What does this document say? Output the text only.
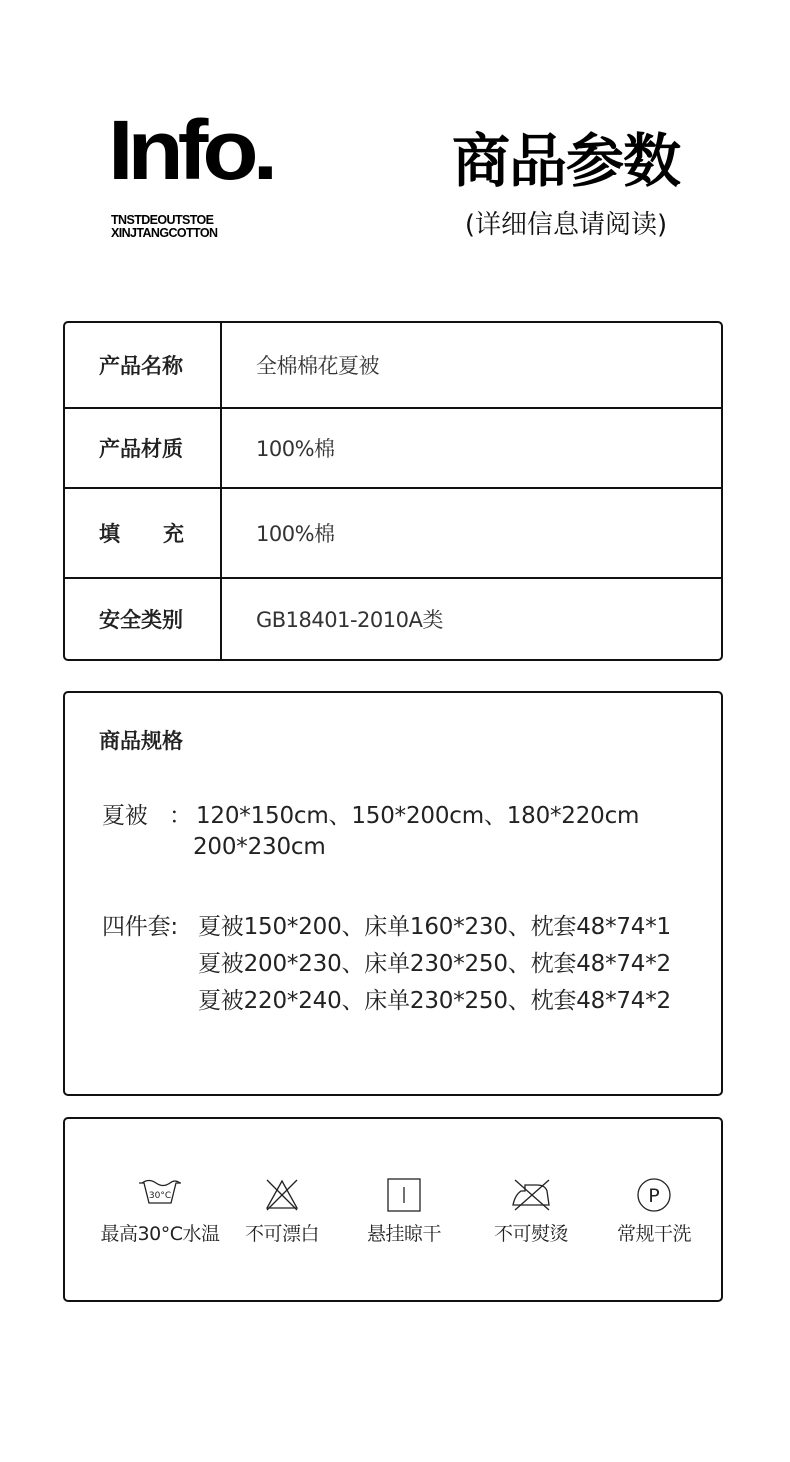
Info.
TNSTDEOUTSTOE
XINJTANGCOTTON
商品参数
(详细信息请阅读)
产品名称	全棉棉花夏被
产品材质	100%棉
填 充	100%棉
安全类别	GB18401-2010A类
商品规格
夏被 ： 120*150cm、150*200cm、180*220cm
200*230cm
四件套: 夏被150*200、床单160*230、枕套48*74*1
夏被200*230、床单230*250、枕套48*74*2
夏被220*240、床单230*250、枕套48*74*2
30°C
最高30°C水温	不可漂白	悬挂晾干	不可熨烫
P
常规干洗
